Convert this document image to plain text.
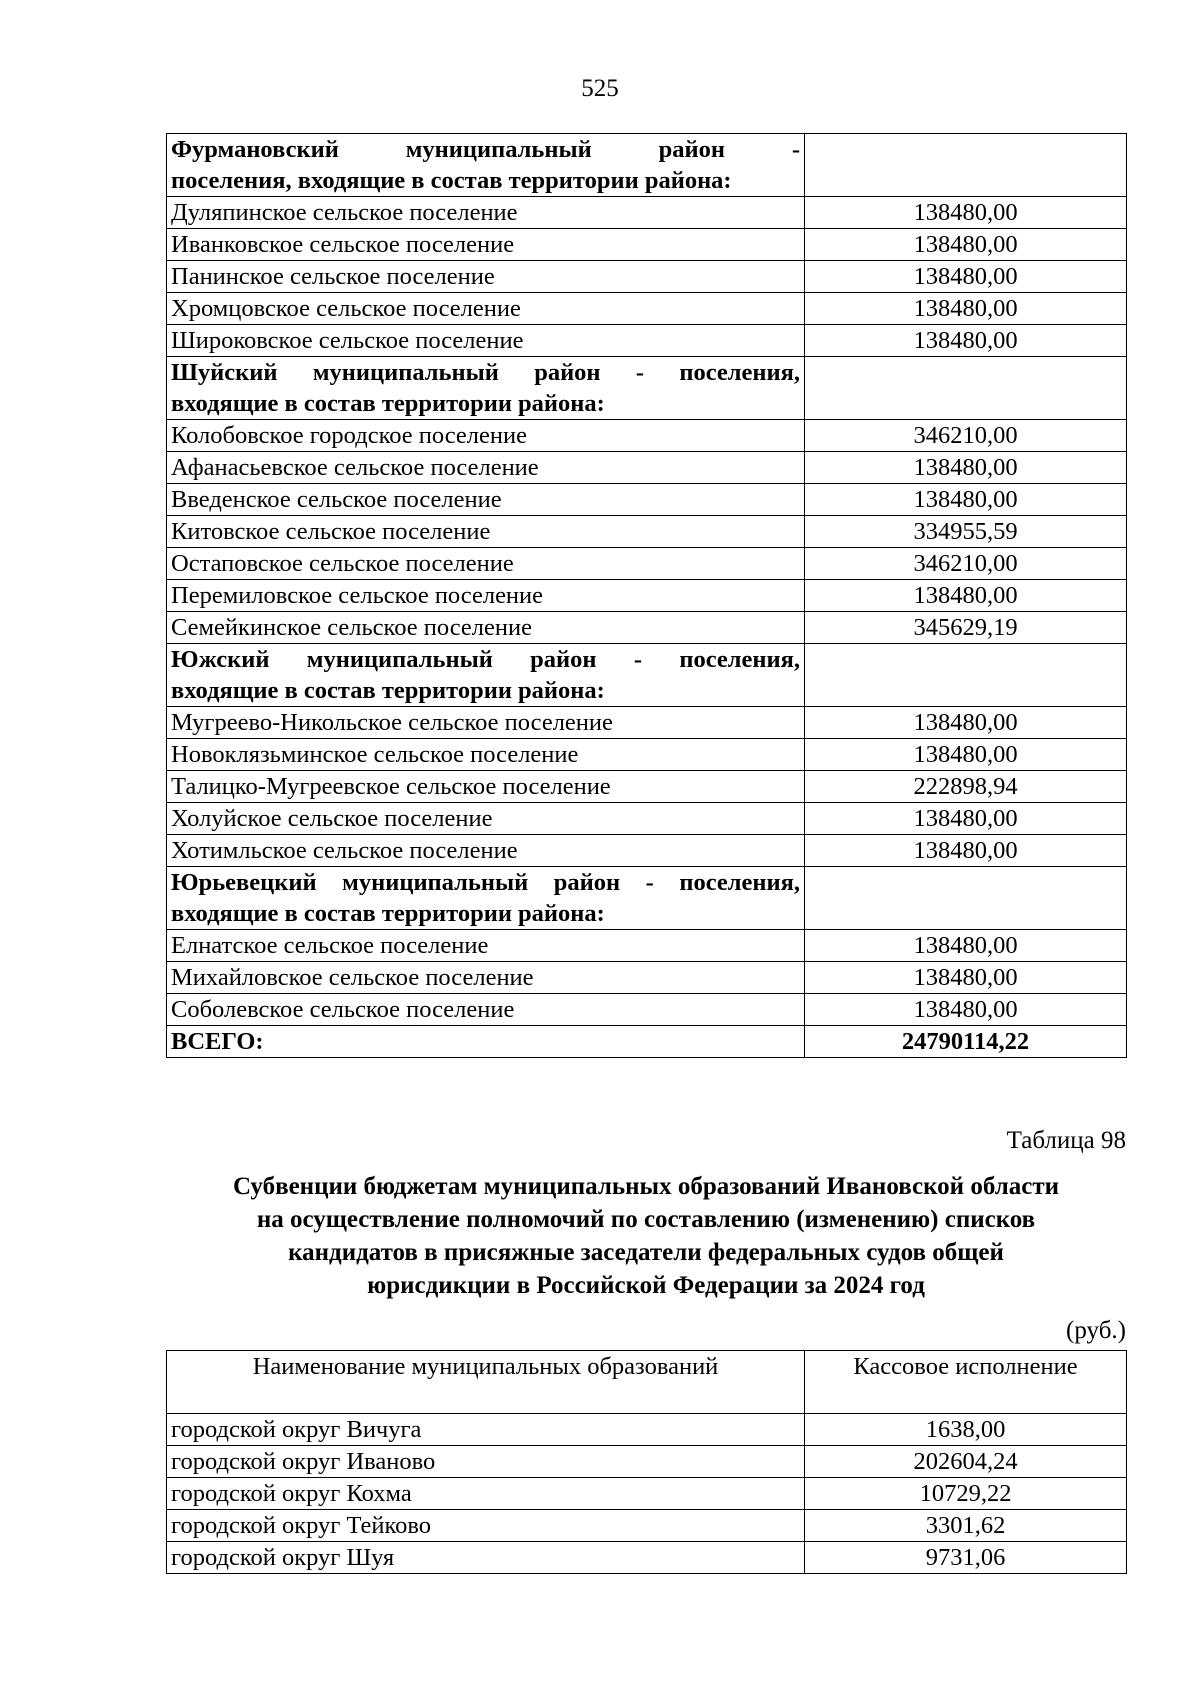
525
Фурмановский муниципальный район -
поселения, входящие в состав территории района:	

Дуляпинское сельское поселение	138480,00
Иванковское сельское поселение	138480,00
Панинское сельское поселение	138480,00
Хромцовское сельское поселение	138480,00
Широковское сельское поселение	138480,00

Шуйский муниципальный район - поселения,
входящие в состав территории района:	

Колобовское городское поселение	346210,00
Афанасьевское сельское поселение	138480,00
Введенское сельское поселение	138480,00
Китовское сельское поселение	334955,59
Остаповское сельское поселение	346210,00
Перемиловское сельское поселение	138480,00
Семейкинское сельское поселение	345629,19

Южский муниципальный район - поселения,
входящие в состав территории района:	

Мугреево-Никольское сельское поселение	138480,00
Новоклязьминское сельское поселение	138480,00
Талицко-Мугреевское сельское поселение	222898,94
Холуйское сельское поселение	138480,00
Хотимльское сельское поселение	138480,00

Юрьевецкий муниципальный район - поселения,
входящие в состав территории района:	

Елнатское сельское поселение	138480,00
Михайловское сельское поселение	138480,00
Соболевское сельское поселение	138480,00
ВСЕГО:	24790114,22
Таблица 98
Субвенции бюджетам муниципальных образований Ивановской области
на осуществление полномочий по составлению (изменению) списков
кандидатов в присяжные заседатели федеральных судов общей
юрисдикции в Российской Федерации за 2024 год
(руб.)
Наименование муниципальных образований	Кассовое исполнение
городской округ Вичуга	1638,00
городской округ Иваново	202604,24
городской округ Кохма	10729,22
городской округ Тейково	3301,62
городской округ Шуя	9731,06
